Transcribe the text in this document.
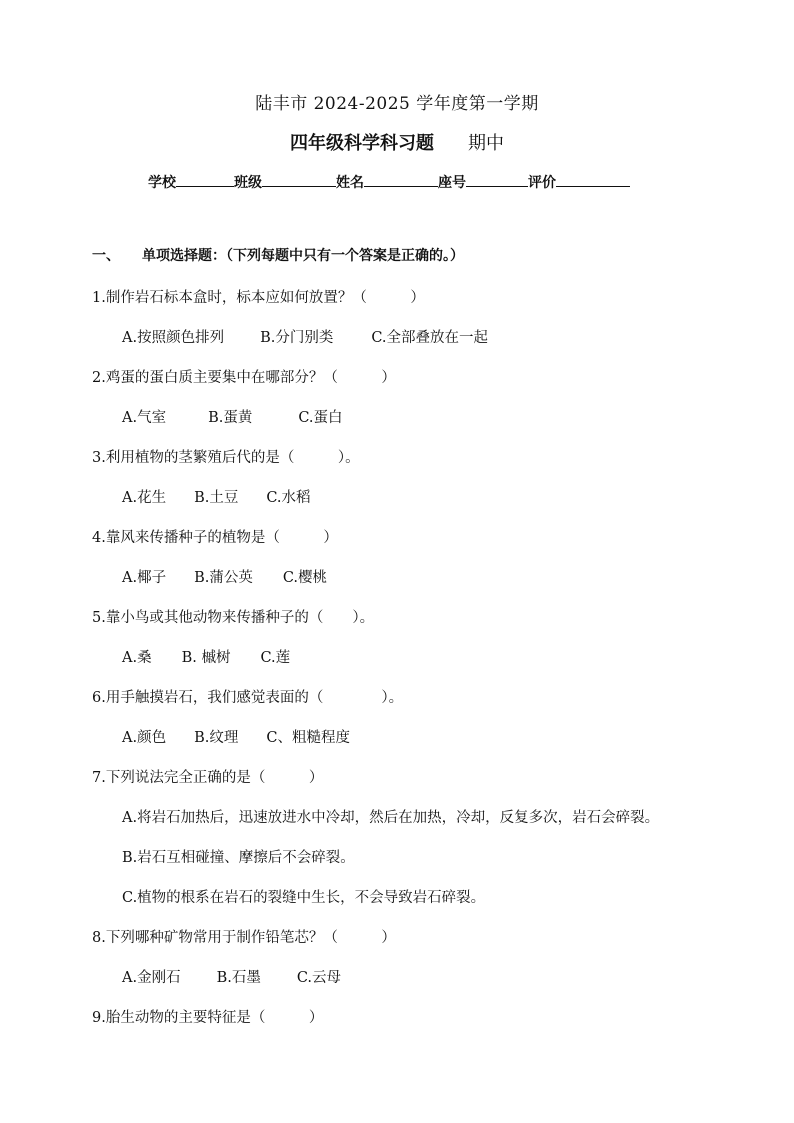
陆丰市 2024-2025 学年度第一学期
四年级科学科习题 期中
学校	班级	姓名	座号	评价
一、 单项选择题：（下列每题中只有一个答案是正确的。）
1.制作岩石标本盒时，标本应如何放置？（　　　）
A.按照颜色排列 B.分门别类	C.全部叠放在一起
2.鸡蛋的蛋白质主要集中在哪部分？（　　　）
A.气室	B.蛋黄	C.蛋白
3.利用植物的茎繁殖后代的是（　　　）。
A.花生 B.土豆 C.水稻
4.靠风来传播种子的植物是（　　　）
A.椰子 B.蒲公英 C.樱桃
5.靠小鸟或其他动物来传播种子的（　　）。
A.桑 B. 槭树 C.莲
6.用手触摸岩石，我们感觉表面的（　　　　）。
A.颜色 B.纹理 C、粗糙程度
7.下列说法完全正确的是（　　　）
A.将岩石加热后，迅速放进水中冷却，然后在加热，冷却，反复多次，岩石会碎裂。
B.岩石互相碰撞、摩擦后不会碎裂。
C.植物的根系在岩石的裂缝中生长，不会导致岩石碎裂。
8.下列哪种矿物常用于制作铅笔芯？（　　　）
A.金刚石 B.石墨 C.云母
9.胎生动物的主要特征是（　　　）
